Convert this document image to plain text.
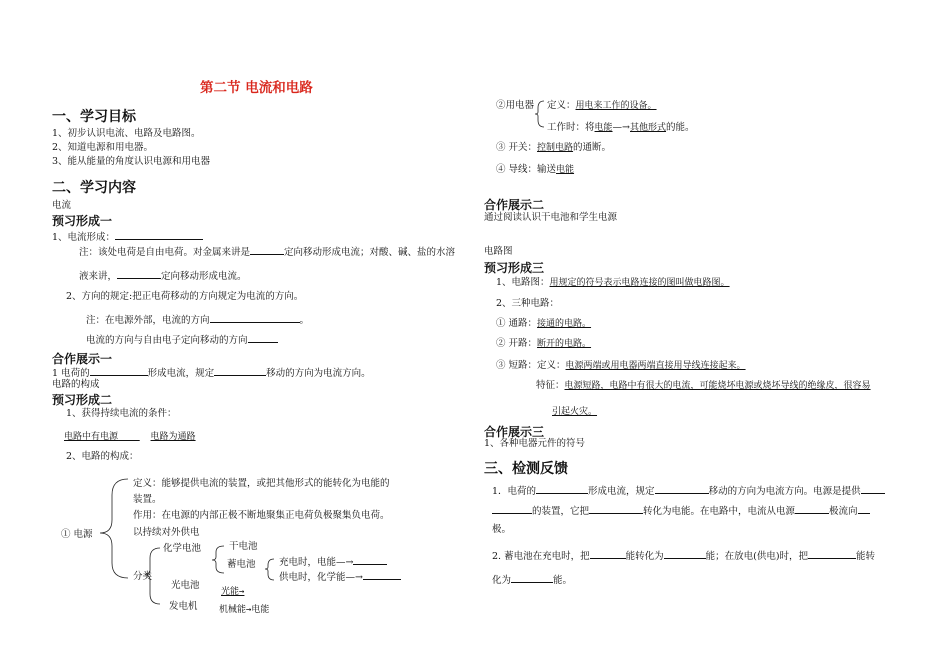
第二节 电流和电路
一、学习目标
1、初步认识电流、电路及电路图。
2、知道电源和用电器。
3、能从能量的角度认识电源和用电器
二、学习内容
电流
预习形成一
1、电流形成：
注：该处电荷是自由电荷。对金属来讲是	定向移动形成电流；对酸、碱、盐的水溶
液来讲，	定向移动形成电流。
2、方向的规定:把正电荷移动的方向规定为电流的方向。
注：在电源外部，电流的方向	。
电流的方向与自由电子定向移动的方向
合作展示一
1 电荷的	形成电流，规定	移动的方向为电流方向。
电路的构成
预习形成二
1、获得持续电流的条件：
电路中有电源	电路为通路
2、电路的构成：
① 电源
定义：能够提供电流的装置，或把其他形式的能转化为电能的
装置。
作用：在电源的内部正极不断地聚集正电荷负极聚集负电荷。
以持续对外供电
分类
化学电池	干电池
蓄电池 充电时，电能—→
供电时，化学能—→
光电池
光能→
发电机 机械能→电能
②用电器 定义：用电来工作的设备。
工作时：将电能—→其他形式的能。
③ 开关：控制电路的通断。
④ 导线：输送电能
合作展示二
通过阅读认识干电池和学生电源
电路图
预习形成三
1、电路图：用规定的符号表示电路连接的图叫做电路图。
2、三种电路：
① 通路：接通的电路。
② 开路：断开的电路。
③ 短路：定义：电源两端或用电器两端直接用导线连接起来。
特征：电源短路，电路中有很大的电流，可能烧坏电源或烧坏导线的绝缘皮，很容易
引起火灾。
合作展示三
1、各种电器元件的符号
三、检测反馈
1．电荷的	形成电流，规定	移动的方向为电流方向。电源是提供
的装置，它把	转化为电能。在电路中，电流从电源	极流向
极。
2. 蓄电池在充电时，把	能转化为	能；在放电(供电)时，把	能转
化为	能。
